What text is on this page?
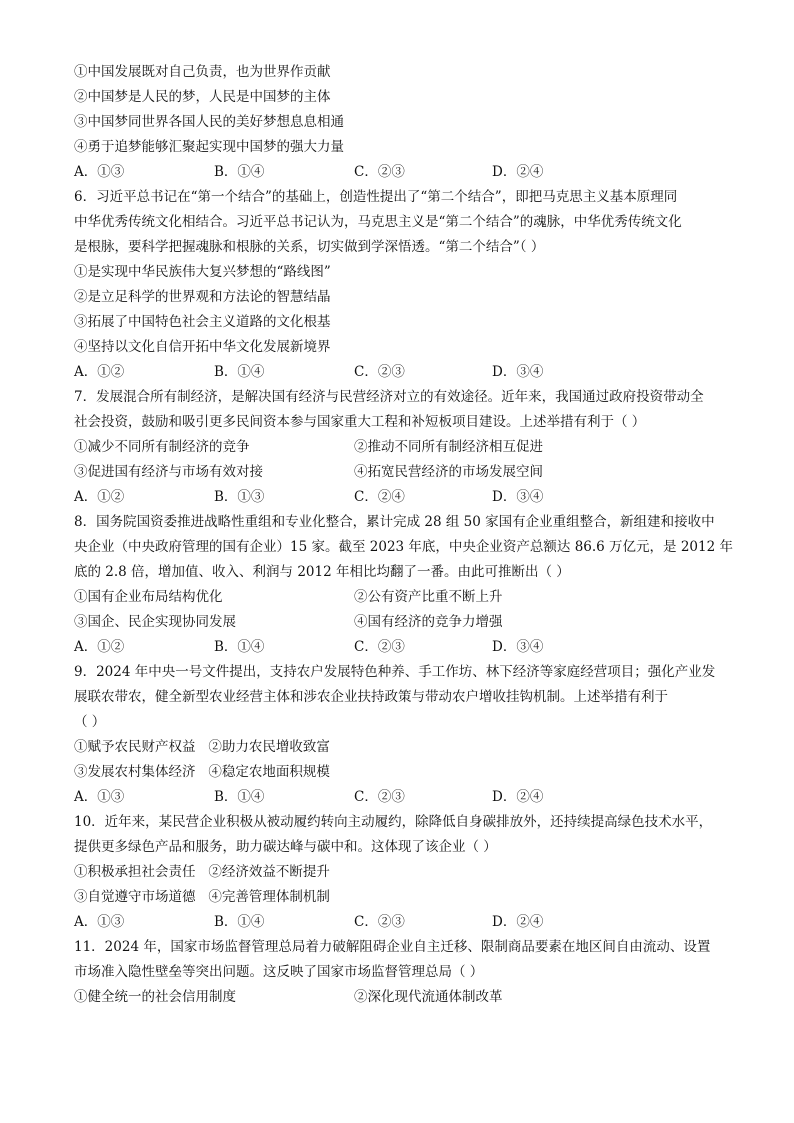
①中国发展既对自己负责，也为世界作贡献
②中国梦是人民的梦，人民是中国梦的主体
③中国梦同世界各国人民的美好梦想息息相通
④勇于追梦能够汇聚起实现中国梦的强大力量
A．①③	B．①④	C．②③	D．②④
6．习近平总书记在“第一个结合”的基础上，创造性提出了“第二个结合”，即把马克思主义基本原理同
中华优秀传统文化相结合。习近平总书记认为，马克思主义是“第二个结合”的魂脉，中华优秀传统文化
是根脉，要科学把握魂脉和根脉的关系，切实做到学深悟透。“第二个结合”（ ）
①是实现中华民族伟大复兴梦想的“路线图”
②是立足科学的世界观和方法论的智慧结晶
③拓展了中国特色社会主义道路的文化根基
④坚持以文化自信开拓中华文化发展新境界
A．①②	B．①④	C．②③	D．③④
7．发展混合所有制经济，是解决国有经济与民营经济对立的有效途径。近年来，我国通过政府投资带动全
社会投资，鼓励和吸引更多民间资本参与国家重大工程和补短板项目建设。上述举措有利于（ ）
①减少不同所有制经济的竞争	②推动不同所有制经济相互促进
③促进国有经济与市场有效对接	④拓宽民营经济的市场发展空间
A．①②	B．①③	C．②④	D．③④
8．国务院国资委推进战略性重组和专业化整合，累计完成 28 组 50 家国有企业重组整合，新组建和接收中
央企业（中央政府管理的国有企业）15 家。截至 2023 年底，中央企业资产总额达 86.6 万亿元，是 2012 年
底的 2.8 倍，增加值、收入、利润与 2012 年相比均翻了一番。由此可推断出（ ）
①国有企业布局结构优化	②公有资产比重不断上升
③国企、民企实现协同发展	④国有经济的竞争力增强
A．①②	B．①④	C．②③	D．③④
9．2024 年中央一号文件提出，支持农户发展特色种养、手工作坊、林下经济等家庭经营项目；强化产业发
展联农带农，健全新型农业经营主体和涉农企业扶持政策与带动农户增收挂钩机制。上述举措有利于
（ ）
①赋予农民财产权益   ②助力农民增收致富
③发展农村集体经济   ④稳定农地面积规模
A．①③	B．①④	C．②③	D．②④
10．近年来，某民营企业积极从被动履约转向主动履约，除降低自身碳排放外，还持续提高绿色技术水平，
提供更多绿色产品和服务，助力碳达峰与碳中和。这体现了该企业（ ）
①积极承担社会责任   ②经济效益不断提升
③自觉遵守市场道德   ④完善管理体制机制
A．①③	B．①④	C．②③	D．②④
11．2024 年，国家市场监督管理总局着力破解阻碍企业自主迁移、限制商品要素在地区间自由流动、设置
市场准入隐性壁垒等突出问题。这反映了国家市场监督管理总局（ ）
①健全统一的社会信用制度	②深化现代流通体制改革
